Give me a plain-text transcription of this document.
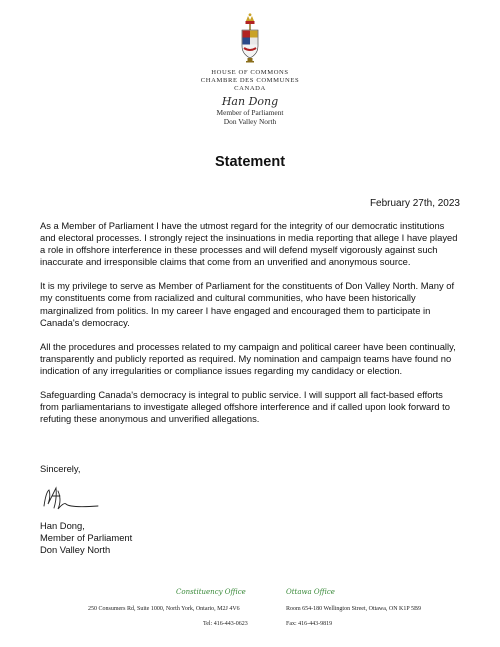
HOUSE OF COMMONS
CHAMBRE DES COMMUNES
CANADA
Han Dong
Member of Parliament
Don Valley North
Statement
February 27th, 2023

As a Member of Parliament I have the utmost regard for the integrity of our democratic institutions and electoral processes. I strongly reject the insinuations in media reporting that allege I have played a role in offshore interference in these processes and will defend myself vigorously against such inaccurate and irresponsible claims that come from an unverified and anonymous source.

It is my privilege to serve as Member of Parliament for the constituents of Don Valley North. Many of my constituents come from racialized and cultural communities, who have been historically marginalized from politics. In my career I have engaged and encouraged them to participate in Canada's democracy.

All the procedures and processes related to my campaign and political career have been continually, transparently and publicly reported as required. My nomination and campaign teams have found no indication of any irregularities or compliance issues regarding my candidacy or election.

Safeguarding Canada's democracy is integral to public service. I will support all fact-based efforts from parliamentarians to investigate alleged offshore interference and if called upon look forward to refuting these anonymous and unverified allegations.

Sincerely,
Han Dong,
Member of Parliament
Don Valley North
Constituency Office
250 Consumers Rd, Suite 1000, North York, Ontario, M2J 4V6
Ottawa Office
Room 654-180 Wellington Street, Ottawa, ON K1P 5B9
Tel: 416-443-0623	Fax: 416-443-9819
